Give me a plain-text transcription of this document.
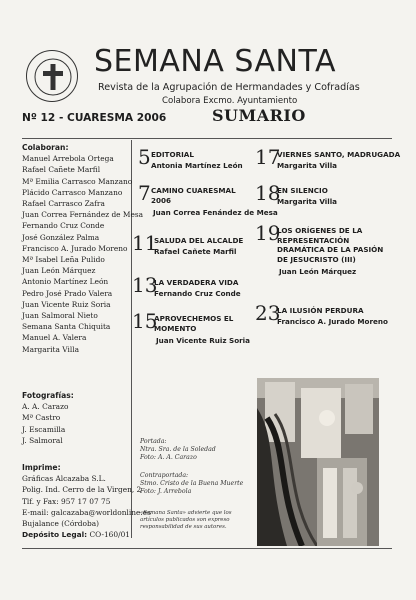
SEMANA SANTA
Revista de la Agrupación de Hermandades y Cofradías
Colabora Excmo. Ayuntamiento
Nº 12 - CUARESMA 2006	SUMARIO
Colaboran:
Manuel Arrebola Ortega
Rafael Cañete Marfil
Mª Emilia Carrasco Manzano
Plácido Carrasco Manzano
Rafael Carrasco Zafra
Juan Correa Fernández de Mesa
Fernando Cruz Conde
José González Palma
Francisco A. Jurado Moreno
Mª Isabel Leña Pulido
Juan León Márquez
Antonio Martínez León
Pedro José Prado Valera
Juan Vicente Ruiz Soria
Juan Salmoral Nieto
Semana Santa Chiquita
Manuel A. Valera
Margarita Villa
Fotografías:
A. A. Carazo
Mª Castro
J. Escamilla
J. Salmoral
Imprime:
Gráficas Alcazaba S.L.
Polig. Ind. Cerro de la Virgen, 2
Tlf. y Fax: 957 17 07 75
E-mail: galcazaba@worldonline.es
Bujalance (Córdoba)
Depósito Legal: CO-160/01
5 EDITORIAL
Antonia Martínez León
7 CAMINO CUARESMAL
2006
Juan Correa Fenández de Mesa
11
SALUDA DEL ALCALDE
Rafael Cañete Marfil
13
LA VERDADERA VIDA
Fernando Cruz Conde
15
APROVECHEMOS EL
MOMENTO
Juan Vicente Ruiz Soria
17
VIERNES SANTO, MADRUGADA
Margarita Villa
18
EN SILENCIO
Margarita Villa
19
LOS ORÍGENES DE LA
REPRESENTACIÓN
DRAMÁTICA DE LA PASIÓN
DE JESUCRISTO (III)
Juan León Márquez
23
LA ILUSIÓN PERDURA
Francisco A. Jurado Moreno
Portada:
Ntra. Sra. de la Soledad
Foto: A. A. Carazo
Contraportada:
Stmo. Cristo de la Buena Muerte
Foto: J. Arrebola
«Semana Santa» advierte que los artículos publicados son expreso responsabilidad de sus autores.
